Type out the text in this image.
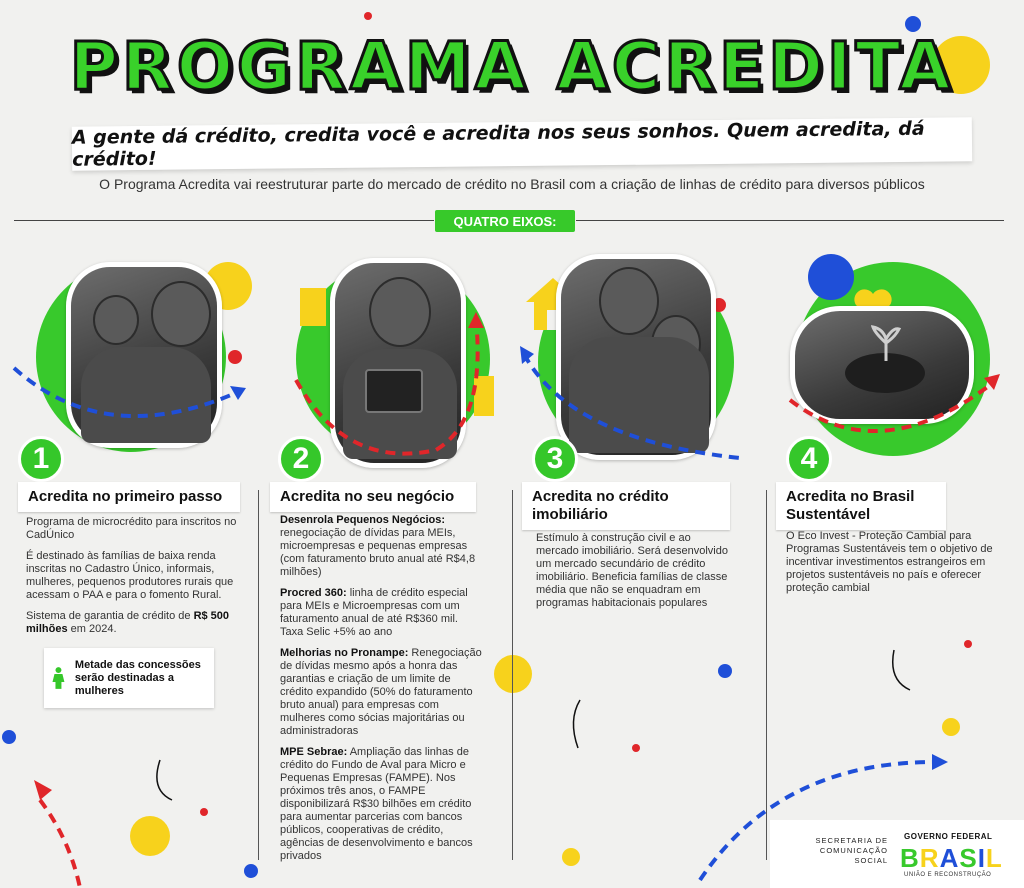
PROGRAMA ACREDITA
A gente dá crédito, credita você e acredita nos seus sonhos. Quem acredita, dá crédito!
O Programa Acredita vai reestruturar parte do mercado de crédito no Brasil com a criação de linhas de crédito para diversos públicos
QUATRO EIXOS:
1
Acredita no primeiro passo

Programa de microcrédito para inscritos no CadÚnico

É destinado às famílias de baixa renda inscritas no Cadastro Único, informais, mulheres, pequenos produtores rurais que acessam o PAA e para o fomento Rural.

Sistema de garantia de crédito de R$ 500 milhões em 2024.

Metade das concessões serão destinadas a mulheres
2
Acredita no seu negócio

Desenrola Pequenos Negócios:
renegociação de dívidas para MEIs, microempresas e pequenas empresas (com faturamento bruto anual até R$4,8 milhões)

Procred 360: linha de crédito especial para MEIs e Microempresas com um faturamento anual de até R$360 mil. Taxa Selic +5% ao ano

Melhorias no Pronampe: Renegociação de dívidas mesmo após a honra das garantias e criação de um limite de crédito expandido (50% do faturamento bruto anual) para empresas com mulheres como sócias majoritárias ou administradoras

MPE Sebrae: Ampliação das linhas de crédito do Fundo de Aval para Micro e Pequenas Empresas (FAMPE). Nos próximos três anos, o FAMPE disponibilizará R$30 bilhões em crédito para aumentar parcerias com bancos públicos, cooperativas de crédito, agências de desenvolvimento e bancos privados

3
Acredita no crédito imobiliário

Estímulo à construção civil e ao mercado imobiliário. Será desenvolvido um mercado secundário de crédito imobiliário. Beneficia famílias de classe média que não se enquadram em programas habitacionais populares

4
Acredita no Brasil Sustentável

O Eco Invest - Proteção Cambial para Programas Sustentáveis tem o objetivo de incentivar investimentos estrangeiros em projetos sustentáveis no país e oferecer proteção cambial

SECRETARIA DE COMUNICAÇÃO SOCIAL
GOVERNO FEDERAL
BRASIL
UNIÃO E RECONSTRUÇÃO
